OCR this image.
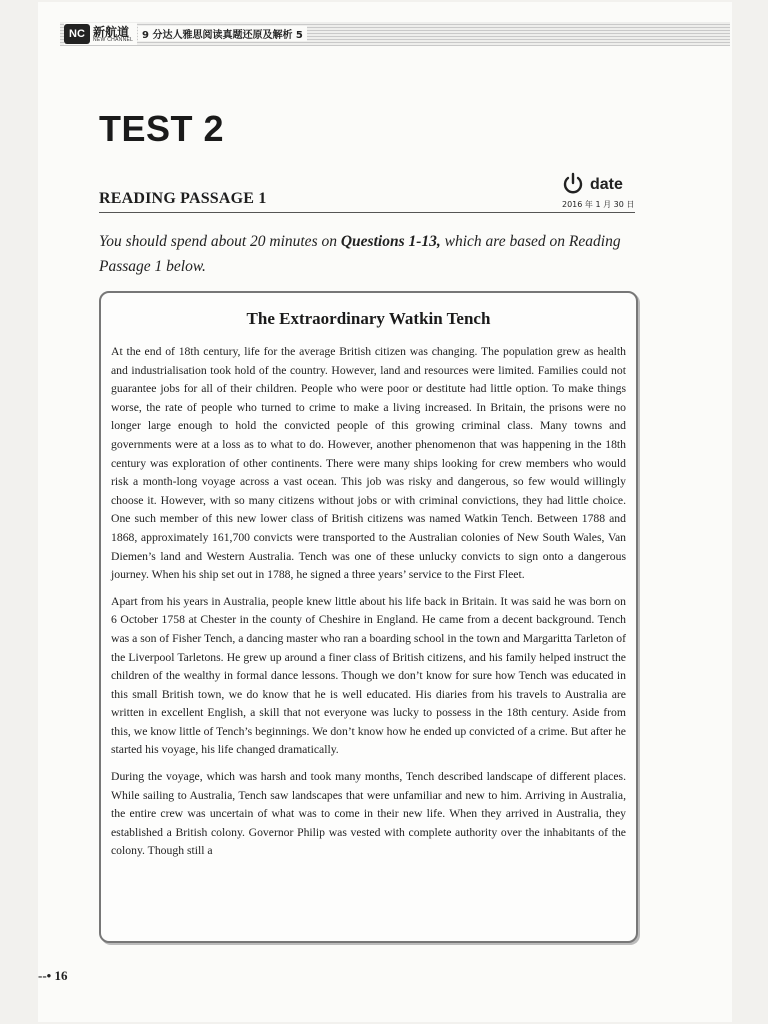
NC 新航道
NEW CHANNEL 9 分达人雅思阅读真题还原及解析 5
TEST 2
READING PASSAGE 1
date
2016 年 1 月 30 日
You should spend about 20 minutes on Questions 1-13, which are based on Reading Passage 1 below.
The Extraordinary Watkin Tench

At the end of 18th century, life for the average British citizen was changing. The population grew as health and industrialisation took hold of the country. However, land and resources were limited. Families could not guarantee jobs for all of their children. People who were poor or destitute had little option. To make things worse, the rate of people who turned to crime to make a living increased. In Britain, the prisons were no longer large enough to hold the convicted people of this growing criminal class. Many towns and governments were at a loss as to what to do. However, another phenomenon that was happening in the 18th century was exploration of other continents. There were many ships looking for crew members who would risk a month-long voyage across a vast ocean. This job was risky and dangerous, so few would willingly choose it. However, with so many citizens without jobs or with criminal convictions, they had little choice. One such member of this new lower class of British citizens was named Watkin Tench. Between 1788 and 1868, approximately 161,700 convicts were transported to the Australian colonies of New South Wales, Van Diemen’s land and Western Australia. Tench was one of these unlucky convicts to sign onto a dangerous journey. When his ship set out in 1788, he signed a three years’ service to the First Fleet.

Apart from his years in Australia, people knew little about his life back in Britain. It was said he was born on 6 October 1758 at Chester in the county of Cheshire in England. He came from a decent background. Tench was a son of Fisher Tench, a dancing master who ran a boarding school in the town and Margaritta Tarleton of the Liverpool Tarletons. He grew up around a finer class of British citizens, and his family helped instruct the children of the wealthy in formal dance lessons. Though we don’t know for sure how Tench was educated in this small British town, we do know that he is well educated. His diaries from his travels to Australia are written in excellent English, a skill that not everyone was lucky to possess in the 18th century. Aside from this, we know little of Tench’s beginnings. We don’t know how he ended up convicted of a crime. But after he started his voyage, his life changed dramatically.

During the voyage, which was harsh and took many months, Tench described landscape of different places. While sailing to Australia, Tench saw landscapes that were unfamiliar and new to him. Arriving in Australia, the entire crew was uncertain of what was to come in their new life. When they arrived in Australia, they established a British colony. Governor Philip was vested with complete authority over the inhabitants of the colony. Though still a

--• 16
